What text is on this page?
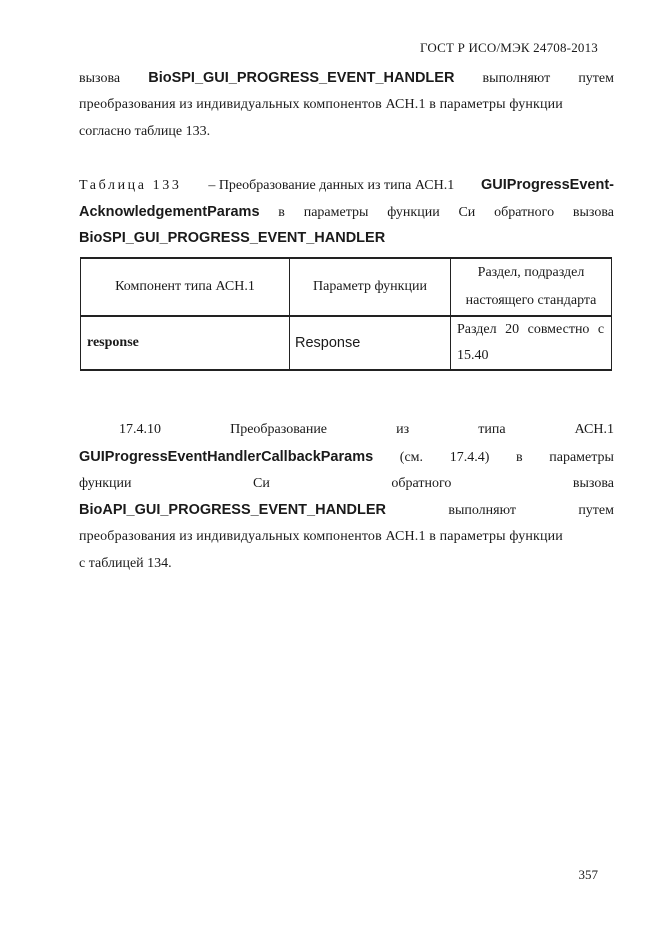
ГОСТ Р ИСО/МЭК 24708-2013
вызова BioSPI_GUI_PROGRESS_EVENT_HANDLER выполняют путем
преобразования из индивидуальных компонентов АСН.1 в параметры функции
согласно таблице 133.
Таблица 133 – Преобразование данных из типа АСН.1 GUIProgressEvent-
AcknowledgementParams в параметры функции Си обратного вызова
BioSPI_GUI_PROGRESS_EVENT_HANDLER
Компонент типа АСН.1	Параметр функции	Раздел, подраздел настоящего стандарта
response	Response	Раздел 20 совместно с
15.40
17.4.10	Преобразование	из	типа	АСН.1
GUIProgressEventHandlerCallbackParams (см. 17.4.4) в параметры
функции	Си	обратного	вызова
BioAPI_GUI_PROGRESS_EVENT_HANDLER	выполняют	путем
преобразования из индивидуальных компонентов АСН.1 в параметры функции
с таблицей 134.
357
